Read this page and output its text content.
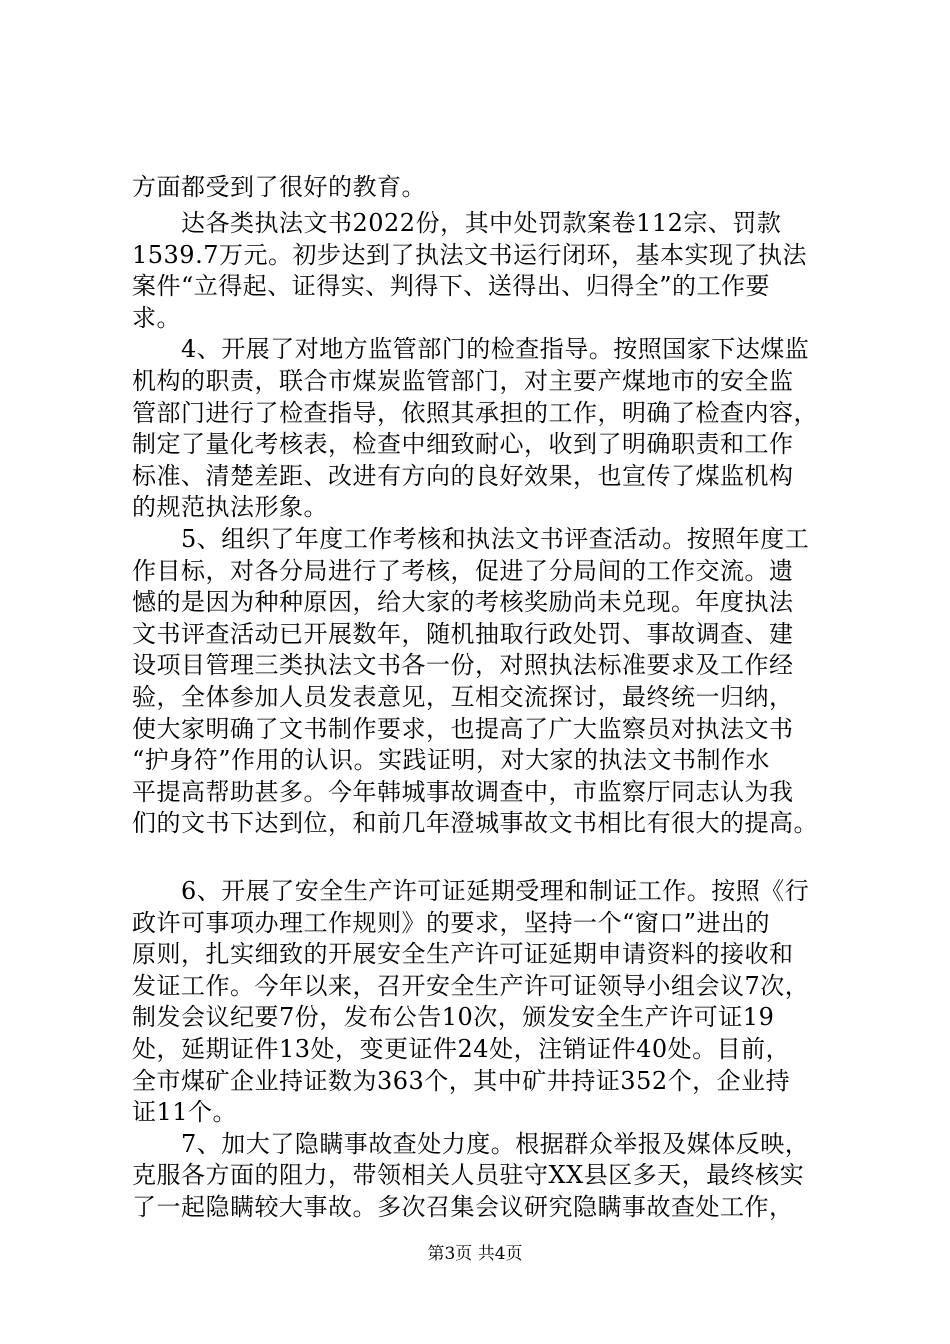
方面都受到了很好的教育。
　　达各类执法文书2022份，其中处罚款案卷112宗、罚款
1539.7万元。初步达到了执法文书运行闭环，基本实现了执法
案件“立得起、证得实、判得下、送得出、归得全”的工作要
求。
　　4、开展了对地方监管部门的检查指导。按照国家下达煤监
机构的职责，联合市煤炭监管部门，对主要产煤地市的安全监
管部门进行了检查指导，依照其承担的工作，明确了检查内容，
制定了量化考核表，检查中细致耐心，收到了明确职责和工作
标准、清楚差距、改进有方向的良好效果，也宣传了煤监机构
的规范执法形象。
　　5、组织了年度工作考核和执法文书评查活动。按照年度工
作目标，对各分局进行了考核，促进了分局间的工作交流。遗
憾的是因为种种原因，给大家的考核奖励尚未兑现。年度执法
文书评查活动已开展数年，随机抽取行政处罚、事故调查、建
设项目管理三类执法文书各一份，对照执法标准要求及工作经
验，全体参加人员发表意见，互相交流探讨，最终统一归纳，
使大家明确了文书制作要求，也提高了广大监察员对执法文书
“护身符”作用的认识。实践证明，对大家的执法文书制作水
平提高帮助甚多。今年韩城事故调查中，市监察厅同志认为我
们的文书下达到位，和前几年澄城事故文书相比有很大的提高。
　　6、开展了安全生产许可证延期受理和制证工作。按照《行
政许可事项办理工作规则》的要求，坚持一个“窗口”进出的
原则，扎实细致的开展安全生产许可证延期申请资料的接收和
发证工作。今年以来，召开安全生产许可证领导小组会议7次，
制发会议纪要7份，发布公告10次，颁发安全生产许可证19
处，延期证件13处，变更证件24处，注销证件40处。目前，
全市煤矿企业持证数为363个，其中矿井持证352个，企业持
证11个。
　　7、加大了隐瞒事故查处力度。根据群众举报及媒体反映，
克服各方面的阻力，带领相关人员驻守XX县区多天，最终核实
了一起隐瞒较大事故。多次召集会议研究隐瞒事故查处工作，
第3页 共4页
